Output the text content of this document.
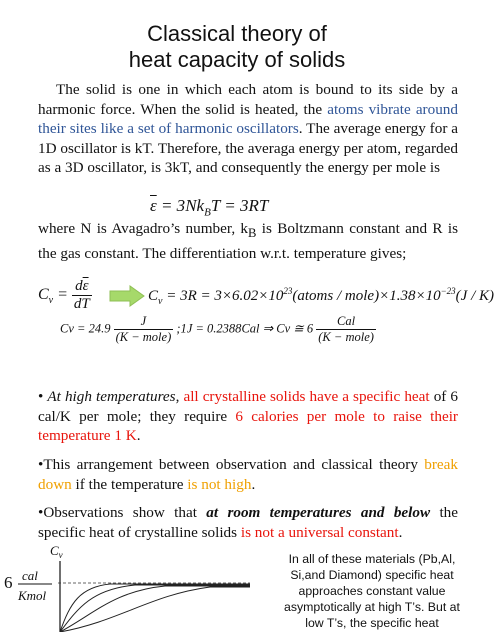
Classical theory of
heat capacity of solids
The solid is one in which each atom is bound to its side by a harmonic force. When the solid is heated, the atoms vibrate around their sites like a set of harmonic oscillators. The average energy for a 1D oscillator is kT. Therefore, the averaga energy per atom, regarded as a 3D oscillator, is 3kT, and consequently the energy per mole is
$\overline{\varepsilon} = 3Nk_BT = 3RT$
where N is Avagadro’s number, $k_B$ is Boltzmann constant and R is the gas constant. The differentiation w.r.t. temperature gives;
$C_v = \frac{d\overline{\varepsilon}}{dT}$	$C_v = 3R$ = $3\times 6.02\times 10^{23}(atoms$ / $mole)\times 1.38\times 10^{-23}(J / K)$
$Cv = 24.9 \frac{J}{\text{(K − mole)}}$ ;1J = 0.2388Cal ⇒ Cv ≅ $6 \frac{\text{Cal}}{\text{(K − mole)}}$
• At high temperatures, all crystalline solids have a specific heat of 6 cal/K per mole; they require 6 calories per mole to raise their temperature 1 K.
•This arrangement between observation and classical theory break down if the temperature is not high.
•Observations show that at room temperatures and below the specific heat of crystalline solids is not a universal constant.
$C_v$
6 cal
Kmol
In all of these materials (Pb,Al, Si,and Diamond) specific heat approaches constant value asymptotically at high T’s. But at low T’s, the specific heat
